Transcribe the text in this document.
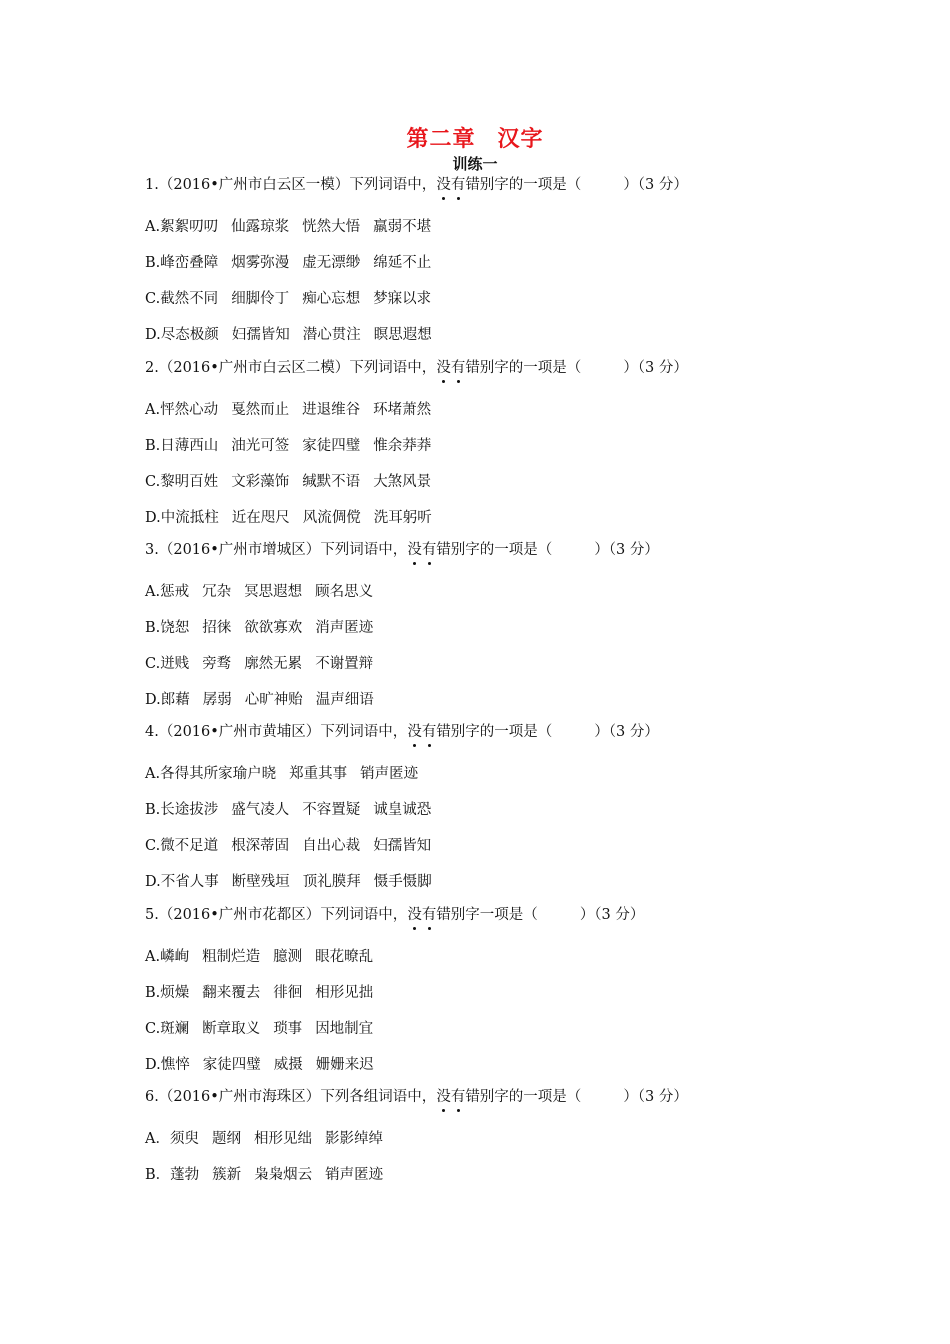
第二章 汉字
训练一
1.（2016•广州市白云区一模）下列词语中，没有错别字的一项是（	）（3 分）
A.絮絮叨叨 仙露琼浆 恍然大悟 羸弱不堪
B.峰峦叠障 烟雾弥漫 虚无漂缈 绵延不止
C.截然不同 细脚伶丁 痴心忘想 梦寐以求
D.尽态极颜 妇孺皆知 潜心贯注 瞑思遐想
2.（2016•广州市白云区二模）下列词语中，没有错别字的一项是（	）（3 分）
A.怦然心动 戛然而止 进退维谷 环堵萧然
B.日薄西山 油光可签 家徒四璧 惟余莽莽
C.黎明百姓 文彩藻饰 缄默不语 大煞风景
D.中流抵柱 近在咫尺 风流倜傥 洗耳躬听
3.（2016•广州市增城区）下列词语中，没有错别字的一项是（	）（3 分）
A.惩戒 冗杂 冥思遐想 顾名思义
B.饶恕 招徕 欲欲寡欢 消声匿迹
C.迸贱 旁骛 廓然无累 不谢置辩
D.郎藉 孱弱 心旷神贻 温声细语
4.（2016•广州市黄埔区）下列词语中，没有错别字的一项是（	）（3 分）
A.各得其所家瑜户晓 郑重其事 销声匿迹
B.长途拔涉 盛气凌人 不容置疑 诚皇诚恐
C.微不足道 根深蒂固 自出心裁 妇孺皆知
D.不省人事 断壁残垣 顶礼膜拜 慑手慑脚
5.（2016•广州市花都区）下列词语中，没有错别字一项是（	）（3 分）
A.嶙峋 粗制烂造 臆测 眼花暸乱
B.烦燥 翻来覆去 徘徊 相形见拙
C.斑斓 断章取义 琐事 因地制宜
D.憔悴 家徒四璧 威摄 姗姗来迟
6.（2016•广州市海珠区）下列各组词语中，没有错别字的一项是（	）（3 分）
A．须臾 题纲 相形见绌 影影绰绰
B．蓬勃 簇新 枭枭烟云 销声匿迹
